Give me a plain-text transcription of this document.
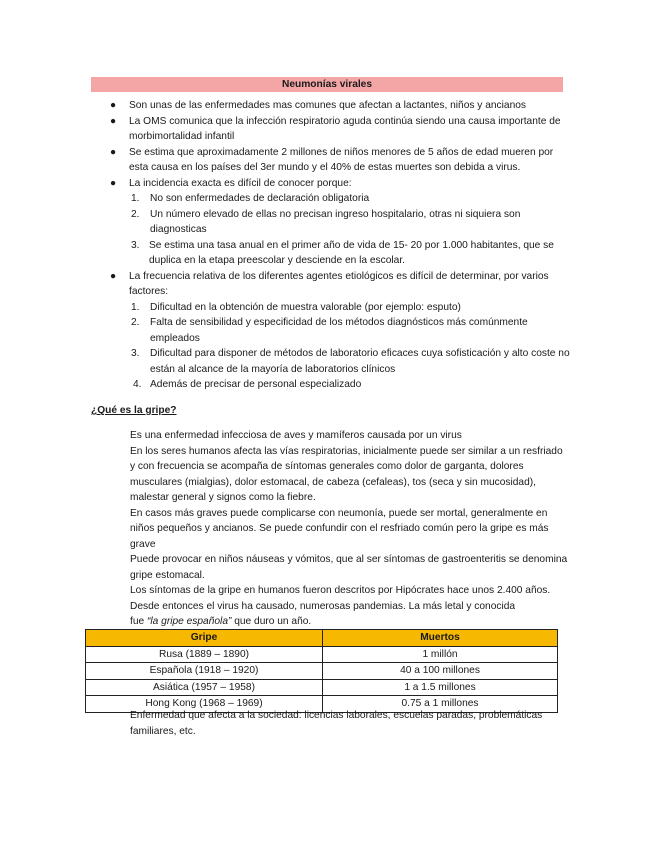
Neumonías virales
● Son unas de las enfermedades mas comunes que afectan a lactantes, niños y ancianos
● La OMS comunica que la infección respiratorio aguda continúa siendo una causa importante de morbimortalidad infantil
● Se estima que aproximadamente 2 millones de niños menores de 5 años de edad mueren por esta causa en los países del 3er mundo y el 40% de estas muertes son debida a virus.
● La incidencia exacta es difícil de conocer porque:
1. No son enfermedades de declaración obligatoria
2. Un número elevado de ellas no precisan ingreso hospitalario, otras ni siquiera son diagnosticas
3. Se estima una tasa anual en el primer año de vida de 15- 20 por 1.000 habitantes, que se duplica en la etapa preescolar y desciende en la escolar.
● La frecuencia relativa de los diferentes agentes etiológicos es difícil de determinar, por varios factores:
1. Dificultad en la obtención de muestra valorable (por ejemplo: esputo)
2. Falta de sensibilidad y especificidad de los métodos diagnósticos más comúnmente empleados
3. Dificultad para disponer de métodos de laboratorio eficaces cuya sofisticación y alto coste no están al alcance de la mayoría de laboratorios clínicos
4. Además de precisar de personal especializado
¿Qué es la gripe?

Es una enfermedad infecciosa de aves y mamíferos causada por un virus

En los seres humanos afecta las vías respiratorias, inicialmente puede ser similar a un resfriado y con frecuencia se acompaña de síntomas generales como dolor de garganta, dolores musculares (mialgias), dolor estomacal, de cabeza (cefaleas), tos (seca y sin mucosidad), malestar general y signos como la fiebre.

En casos más graves puede complicarse con neumonía, puede ser mortal, generalmente en niños pequeños y ancianos. Se puede confundir con el resfriado común pero la gripe es más grave

Puede provocar en niños náuseas y vómitos, que al ser síntomas de gastroenteritis se denomina gripe estomacal.

Los síntomas de la gripe en humanos fueron descritos por Hipócrates hace unos 2.400 años. Desde entonces el virus ha causado, numerosas pandemias. La más letal y conocida

fue “la gripe española” que duro un año.

Gripe	Muertos
Rusa (1889 – 1890)	1 millón
Española (1918 – 1920)	40 a 100 millones
Asiática (1957 – 1958)	1 a 1.5 millones
Hong Kong (1968 – 1969)	0.75 a 1 millones
Enfermedad que afecta a la sociedad: licencias laborales, escuelas paradas, problemáticas familiares, etc.
